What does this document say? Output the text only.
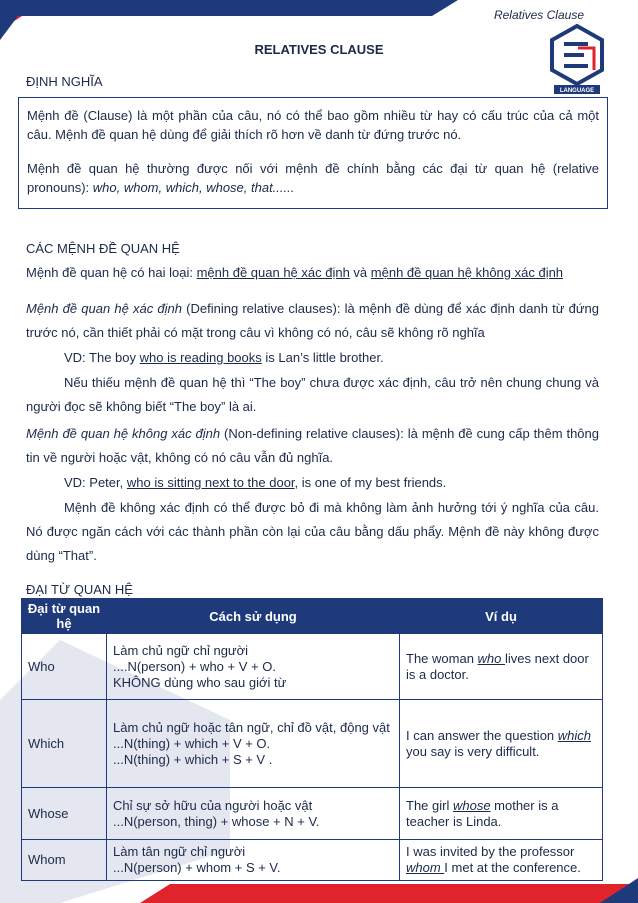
Relatives Clause
LANGUAGE
RELATIVES CLAUSE
ĐỊNH NGHĨA

Mệnh đề (Clause) là một phần của câu, nó có thể bao gồm nhiều từ hay có cấu trúc của cả một câu. Mệnh đề quan hệ dùng để giải thích rõ hơn về danh từ đứng trước nó.

Mệnh đề quan hệ thường được nối với mệnh đề chính bằng các đại từ quan hệ (relative pronouns): who, whom, which, whose, that......

CÁC MỆNH ĐỀ QUAN HỆ
Mệnh đề quan hệ có hai loại: mệnh đề quan hệ xác định và mệnh đề quan hệ không xác định
Mệnh đề quan hệ xác định (Defining relative clauses): là mệnh đề dùng để xác định danh từ đứng trước nó, cần thiết phải có mặt trong câu vì không có nó, câu sẽ không rõ nghĩa
VD: The boy who is reading books is Lan’s little brother.
Nếu thiếu mệnh đề quan hệ thì “The boy” chưa được xác định, câu trở nên chung chung và người đọc sẽ không biết “The boy” là ai.
Mệnh đề quan hệ không xác định (Non-defining relative clauses): là mệnh đề cung cấp thêm thông tin về người hoặc vật, không có nó câu vẫn đủ nghĩa.
VD: Peter, who is sitting next to the door, is one of my best friends.
Mệnh đề không xác định có thể được bỏ đi mà không làm ảnh hưởng tới ý nghĩa của câu. Nó được ngăn cách với các thành phần còn lại của câu bằng dấu phẩy. Mệnh đề này không được dùng “That”.
ĐẠI TỪ QUAN HỆ
Đại từ quan hệ	Cách sử dụng	Ví dụ
Who	Làm chủ ngữ chỉ người
....N(person) + who + V + O.
KHÔNG dùng who sau giới từ	The woman who lives next door is a doctor.
Which	Làm chủ ngữ hoặc tân ngữ, chỉ đồ vật, động vật
...N(thing) + which + V + O.
...N(thing) + which + S + V .	I can answer the question which you say is very difficult.
Whose	Chỉ sự sở hữu của người hoặc vật
...N(person, thing) + whose + N + V.	The girl whose mother is a teacher is Linda.
Whom	Làm tân ngữ chỉ người
...N(person) + whom + S + V.	I was invited by the professor whom I met at the conference.
